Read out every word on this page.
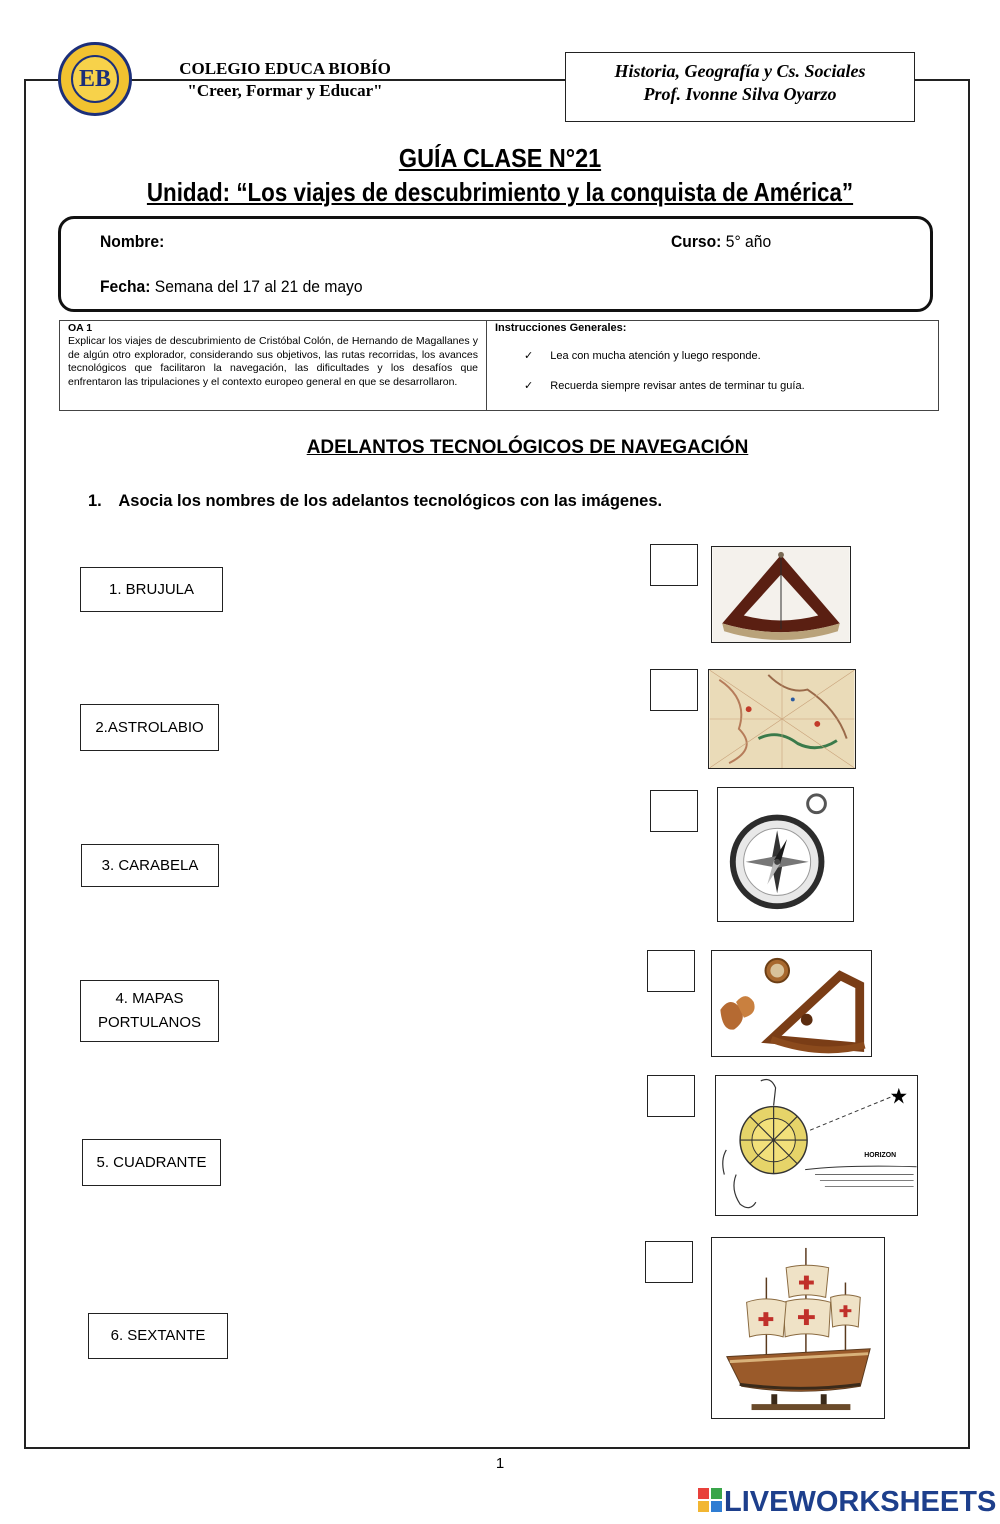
EB	COLEGIO EDUCA BIOBÍO
"Creer, Formar y Educar"
Historia, Geografía y Cs. Sociales
Prof. Ivonne Silva Oyarzo
GUÍA CLASE N°21
Unidad: “Los viajes de descubrimiento y la conquista de América”
Nombre:	Curso: 5° año
Fecha: Semana del 17 al 21 de mayo
OA 1
Explicar los viajes de descubrimiento de Cristóbal Colón, de Hernando de Magallanes y de algún otro explorador, considerando sus objetivos, las rutas recorridas, los avances tecnológicos que facilitaron la navegación, las dificultades y los desafíos que enfrentaron las tripulaciones y el contexto europeo general en que se desarrollaron.
Instrucciones Generales:
✓ Lea con mucha atención y luego responde.
✓ Recuerda siempre revisar antes de terminar tu guía.
ADELANTOS TECNOLÓGICOS DE NAVEGACIÓN
1. Asocia los nombres de los adelantos tecnológicos con las imágenes.
1. BRUJULA
2.ASTROLABIO
3. CARABELA
4. MAPAS PORTULANOS
5. CUADRANTE
6. SEXTANTE
HORIZON
1
LIVEWORKSHEETS
